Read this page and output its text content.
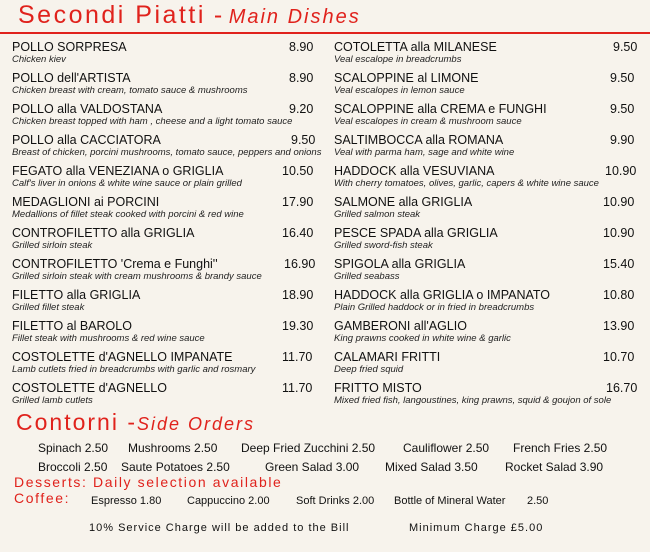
Secondi Piatti - Main Dishes
POLLO SORPRESA	8.90
Chicken kiev
POLLO dell'ARTISTA	8.90
Chicken breast with cream, tomato sauce & mushrooms
POLLO alla VALDOSTANA	9.20
Chicken breast topped with ham , cheese and a light tomato sauce
POLLO alla CACCIATORA	9.50
Breast of chicken, porcini mushrooms, tomato sauce, peppers and onions
FEGATO alla VENEZIANA o GRIGLIA	10.50
Calf's liver in onions & white wine sauce or plain grilled
MEDAGLIONI ai PORCINI	17.90
Medallions of fillet steak cooked with porcini & red wine
CONTROFILETTO alla GRIGLIA	16.40
Grilled sirloin steak
CONTROFILETTO 'Crema e Funghi''	16.90
Grilled sirloin steak with cream mushrooms & brandy sauce
FILETTO alla GRIGLIA	18.90
Grilled fillet steak
FILETTO al BAROLO	19.30
Fillet steak with mushrooms & red wine sauce
COSTOLETTE d'AGNELLO IMPANATE	11.70
Lamb cutlets fried in breadcrumbs with garlic and rosmary
COSTOLETTE d'AGNELLO	11.70
Grilled lamb cutlets
COTOLETTA alla MILANESE	9.50
Veal escalope in breadcrumbs
SCALOPPINE al LIMONE	9.50
Veal escalopes in lemon sauce
SCALOPPINE alla CREMA e FUNGHI	9.50
Veal escalopes in cream & mushroom sauce
SALTIMBOCCA alla ROMANA	9.90
Veal with parma ham, sage and white wine
HADDOCK alla VESUVIANA	10.90
With cherry tomatoes, olives, garlic, capers & white wine sauce
SALMONE alla GRIGLIA	10.90
Grilled salmon steak
PESCE SPADA alla GRIGLIA	10.90
Grilled sword-fish steak
SPIGOLA alla GRIGLIA	15.40
Grilled seabass
HADDOCK alla GRIGLIA o IMPANATO	10.80
Plain Grilled haddock or in fried in breadcrumbs
GAMBERONI all'AGLIO	13.90
King prawns cooked in white wine & garlic
CALAMARI FRITTI	10.70
Deep fried squid
FRITTO MISTO	16.70
Mixed fried fish, langoustines, king prawns, squid & goujon of sole
Contorni -Side Orders
Spinach 2.50 Mushrooms 2.50 Deep Fried Zucchini 2.50 Cauliflower 2.50 French Fries 2.50
Broccoli 2.50 Saute Potatoes 2.50	Green Salad 3.00 Mixed Salad 3.50 Rocket Salad 3.90
Desserts: Daily selection available
Coffee: Espresso 1.80 Cappuccino 2.00 Soft Drinks 2.00 Bottle of Mineral Water 2.50
10% Service Charge will be added to the Bill	Minimum Charge £5.00
